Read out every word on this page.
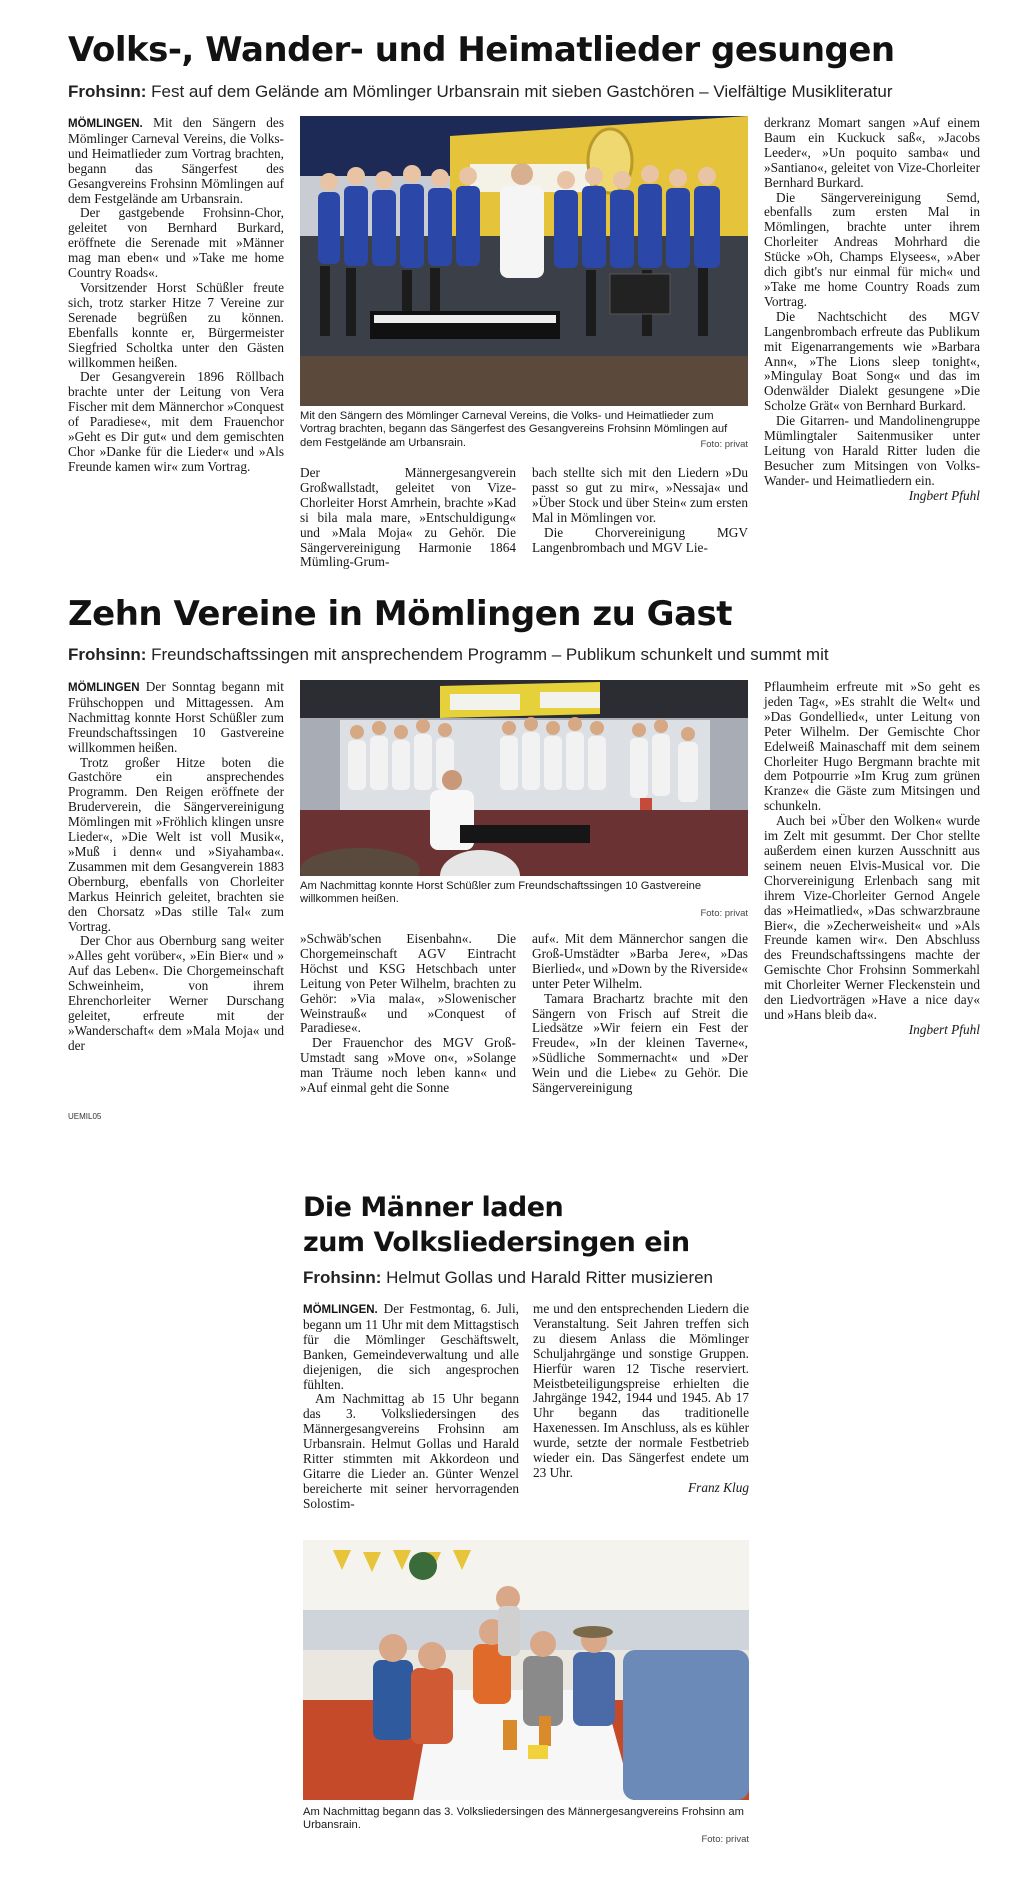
Volks-, Wander- und Heimatlieder gesungen

Frohsinn: Fest auf dem Gelände am Mömlinger Urbansrain mit sieben Gastchören – Vielfältige Musikliteratur

MÖMLINGEN. Mit den Sängern des Mömlinger Carneval Vereins, die Volks- und Heimatlieder zum Vortrag brachten, begann das Sängerfest des Gesangvereins Frohsinn Mömlingen auf dem Festgelände am Urbansrain.

Der gastgebende Frohsinn-Chor, geleitet von Bernhard Burkard, eröffnete die Serenade mit »Männer mag man eben« und »Take me home Country Roads«.

Vorsitzender Horst Schüßler freute sich, trotz starker Hitze 7 Vereine zur Serenade begrüßen zu können. Ebenfalls konnte er, Bürgermeister Siegfried Scholtka unter den Gästen willkommen heißen.

Der Gesangverein 1896 Röllbach brachte unter der Leitung von Vera Fischer mit dem Männerchor »Conquest of Paradiese«, mit dem Frauenchor »Geht es Dir gut« und dem gemischten Chor »Danke für die Lieder« und »Als Freunde kamen wir« zum Vortrag.

Mit den Sängern des Mömlinger Carneval Vereins, die Volks- und Heimatlieder zum Vortrag brachten, begann das Sängerfest des Gesangvereins Frohsinn Mömlingen auf dem Festgelände am Urbansrain.	Foto: privat

Der Männergesangverein Großwallstadt, geleitet von Vize-Chorleiter Horst Amrhein, brachte »Kad si bila mala mare, »Entschuldigung« und »Mala Moja« zu Gehör. Die Sängervereinigung Harmonie 1864 Mümling-Grum-

bach stellte sich mit den Liedern »Du passt so gut zu mir«, »Nessaja« und »Über Stock und über Stein« zum ersten Mal in Mömlingen vor.

Die Chorvereinigung MGV Langenbrombach und MGV Lie-

derkranz Momart sangen »Auf einem Baum ein Kuckuck saß«, »Jacobs Leeder«, »Un poquito samba« und »Santiano«, geleitet von Vize-Chorleiter Bernhard Burkard.

Die Sängervereinigung Semd, ebenfalls zum ersten Mal in Mömlingen, brachte unter ihrem Chorleiter Andreas Mohrhard die Stücke »Oh, Champs Elysees«, »Aber dich gibt's nur einmal für mich« und »Take me home Country Roads zum Vortrag.

Die Nachtschicht des MGV Langenbrombach erfreute das Publikum mit Eigenarrangements wie »Barbara Ann«, »The Lions sleep tonight«, »Mingulay Boat Song« und das im Odenwälder Dialekt gesungene »Die Scholze Grät« von Bernhard Burkard.

Die Gitarren- und Mandolinengruppe Mümlingtaler Saitenmusiker unter Leitung von Harald Ritter luden die Besucher zum Mitsingen von Volks- Wander- und Heimatliedern ein.

Ingbert Pfuhl

Zehn Vereine in Mömlingen zu Gast

Frohsinn: Freundschaftssingen mit ansprechendem Programm – Publikum schunkelt und summt mit

MÖMLINGEN Der Sonntag begann mit Frühschoppen und Mittagessen. Am Nachmittag konnte Horst Schüßler zum Freundschaftssingen 10 Gastvereine willkommen heißen.

Trotz großer Hitze boten die Gastchöre ein ansprechendes Programm. Den Reigen eröffnete der Bruderverein, die Sängervereinigung Mömlingen mit »Fröhlich klingen unsre Lieder«, »Die Welt ist voll Musik«, »Muß i denn« und »Siyahamba«. Zusammen mit dem Gesangverein 1883 Obernburg, ebenfalls von Chorleiter Markus Heinrich geleitet, brachten sie den Chorsatz »Das stille Tal« zum Vortrag.

Der Chor aus Obernburg sang weiter »Alles geht vorüber«, »Ein Bier« und » Auf das Leben«. Die Chorgemeinschaft Schweinheim, von ihrem Ehrenchorleiter Werner Durschang geleitet, erfreute mit der »Wanderschaft« dem »Mala Moja« und der

UEMIL05
Am Nachmittag konnte Horst Schüßler zum Freundschaftssingen 10 Gastvereine willkommen heißen.
Foto: privat

»Schwäb'schen Eisenbahn«. Die Chorgemeinschaft AGV Eintracht Höchst und KSG Hetschbach unter Leitung von Peter Wilhelm, brachten zu Gehör: »Via mala«, »Slowenischer Weinstrauß« und »Conquest of Paradiese«.

Der Frauenchor des MGV Groß-Umstadt sang »Move on«, »Solange man Träume noch leben kann« und »Auf einmal geht die Sonne

auf«. Mit dem Männerchor sangen die Groß-Umstädter »Barba Jere«, »Das Bierlied«, und »Down by the Riverside« unter Peter Wilhelm.

Tamara Brachartz brachte mit den Sängern von Frisch auf Streit die Liedsätze »Wir feiern ein Fest der Freude«, »In der kleinen Taverne«, »Südliche Sommernacht« und »Der Wein und die Liebe« zu Gehör. Die Sängervereinigung

Pflaumheim erfreute mit »So geht es jeden Tag«, »Es strahlt die Welt« und »Das Gondellied«, unter Leitung von Peter Wilhelm. Der Gemischte Chor Edelweiß Mainaschaff mit dem seinem Chorleiter Hugo Bergmann brachte mit dem Potpourrie »Im Krug zum grünen Kranze« die Gäste zum Mitsingen und schunkeln.

Auch bei »Über den Wolken« wurde im Zelt mit gesummt. Der Chor stellte außerdem einen kurzen Ausschnitt aus seinem neuen Elvis-Musical vor. Die Chorvereinigung Erlenbach sang mit ihrem Vize-Chorleiter Gernod Angele das »Heimatlied«, »Das schwarzbraune Bier«, die »Zecherweisheit« und »Als Freunde kamen wir«. Den Abschluss des Freundschaftssingens machte der Gemischte Chor Frohsinn Sommerkahl mit Chorleiter Werner Fleckenstein und den Liedvorträgen »Have a nice day« und »Hans bleib da«.

Ingbert Pfuhl

Die Männer laden
zum Volksliedersingen ein

Frohsinn: Helmut Gollas und Harald Ritter musizieren

MÖMLINGEN. Der Festmontag, 6. Juli, begann um 11 Uhr mit dem Mittagstisch für die Mömlinger Geschäftswelt, Banken, Gemeindeverwaltung und alle diejenigen, die sich angesprochen fühlten.

Am Nachmittag ab 15 Uhr begann das 3. Volksliedersingen des Männergesangvereins Frohsinn am Urbansrain. Helmut Gollas und Harald Ritter stimmten mit Akkordeon und Gitarre die Lieder an. Günter Wenzel bereicherte mit seiner hervorragenden Solostim-

me und den entsprechenden Liedern die Veranstaltung. Seit Jahren treffen sich zu diesem Anlass die Mömlinger Schuljahrgänge und sonstige Gruppen. Hierfür waren 12 Tische reserviert. Meistbeteiligungspreise erhielten die Jahrgänge 1942, 1944 und 1945. Ab 17 Uhr begann das traditionelle Haxenessen. Im Anschluss, als es kühler wurde, setzte der normale Festbetrieb wieder ein. Das Sängerfest endete um 23 Uhr.

Franz Klug

Am Nachmittag begann das 3. Volksliedersingen des Männergesangvereins Frohsinn am Urbansrain.
Foto: privat
